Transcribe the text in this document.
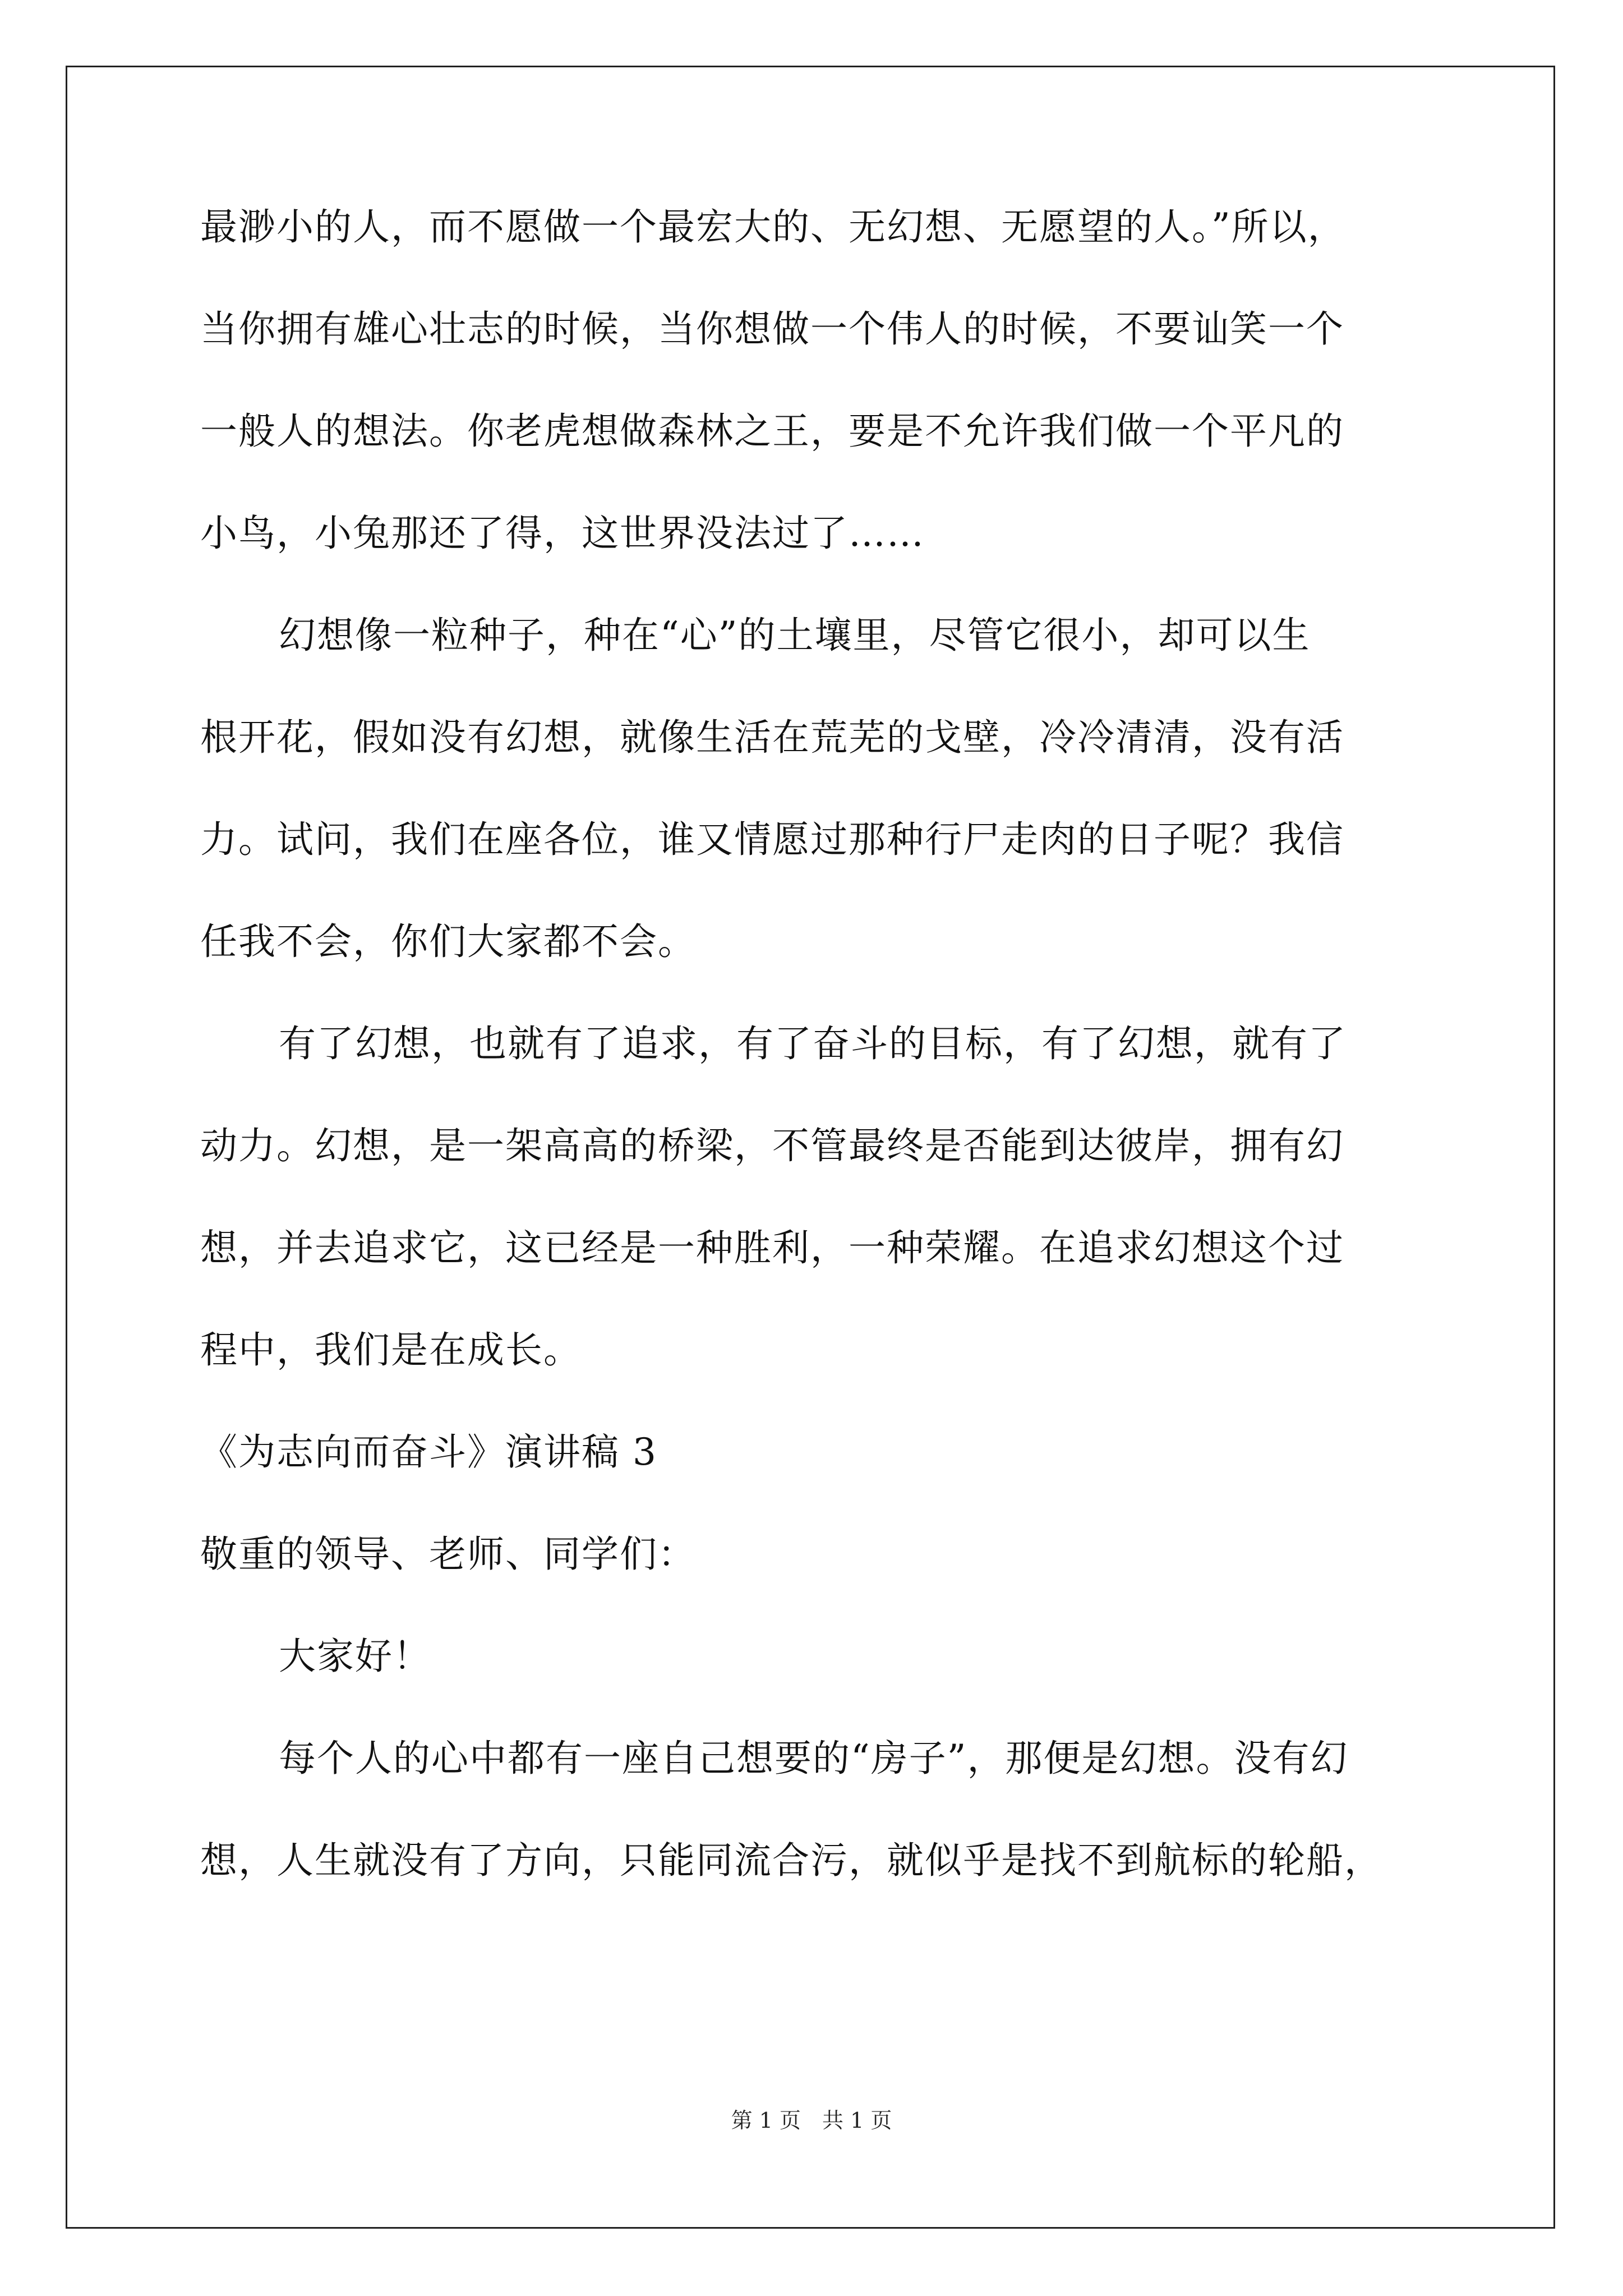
最渺小的人，而不愿做一个最宏大的、无幻想、无愿望的人。”所以，
当你拥有雄心壮志的时候，当你想做一个伟人的时候，不要讪笑一个
一般人的想法。你老虎想做森林之王，要是不允许我们做一个平凡的
小鸟，小兔那还了得，这世界没法过了……
幻想像一粒种子，种在“心”的土壤里，尽管它很小，却可以生
根开花，假如没有幻想，就像生活在荒芜的戈壁，冷冷清清，没有活
力。试问，我们在座各位，谁又情愿过那种行尸走肉的日子呢？我信
任我不会，你们大家都不会。
有了幻想，也就有了追求，有了奋斗的目标，有了幻想，就有了
动力。幻想，是一架高高的桥梁，不管最终是否能到达彼岸，拥有幻
想，并去追求它，这已经是一种胜利，一种荣耀。在追求幻想这个过
程中，我们是在成长。
《为志向而奋斗》演讲稿 3
敬重的领导、老师、同学们：
大家好！
每个人的心中都有一座自己想要的“房子”，那便是幻想。没有幻
想，人生就没有了方向，只能同流合污，就似乎是找不到航标的轮船，
第 1 页　共 1 页
